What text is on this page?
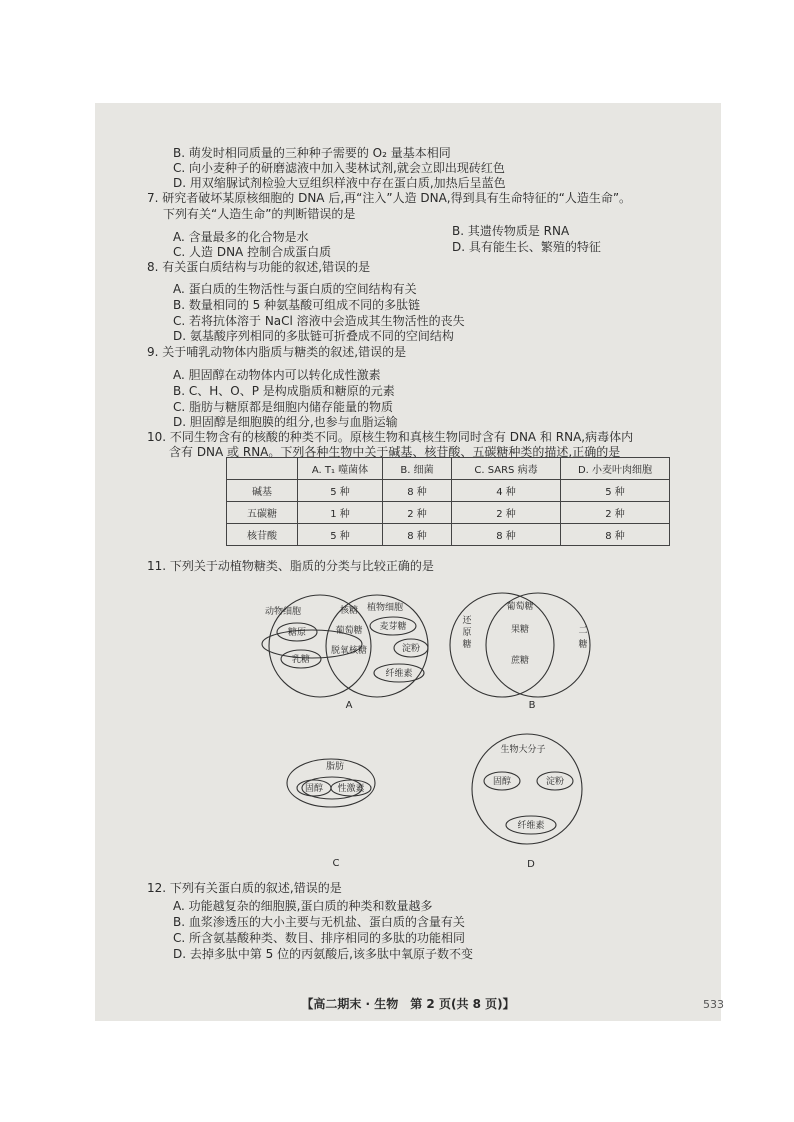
B. 萌发时相同质量的三种种子需要的 O₂ 量基本相同
C. 向小麦种子的研磨滤液中加入斐林试剂,就会立即出现砖红色
D. 用双缩脲试剂检验大豆组织样液中存在蛋白质,加热后呈蓝色
7. 研究者破坏某原核细胞的 DNA 后,再“注入”人造 DNA,得到具有生命特征的“人造生命”。
下列有关“人造生命”的判断错误的是
A. 含量最多的化合物是水	B. 其遗传物质是 RNA
C. 人造 DNA 控制合成蛋白质	D. 具有能生长、繁殖的特征
8. 有关蛋白质结构与功能的叙述,错误的是
A. 蛋白质的生物活性与蛋白质的空间结构有关
B. 数量相同的 5 种氨基酸可组成不同的多肽链
C. 若将抗体溶于 NaCl 溶液中会造成其生物活性的丧失
D. 氨基酸序列相同的多肽链可折叠成不同的空间结构
9. 关于哺乳动物体内脂质与糖类的叙述,错误的是
A. 胆固醇在动物体内可以转化成性激素
B. C、H、O、P 是构成脂质和糖原的元素
C. 脂肪与糖原都是细胞内储存能量的物质
D. 胆固醇是细胞膜的组分,也参与血脂运输
10. 不同生物含有的核酸的种类不同。原核生物和真核生物同时含有 DNA 和 RNA,病毒体内
含有 DNA 或 RNA。下列各种生物中关于碱基、核苷酸、五碳糖种类的描述,正确的是
	A. T₁ 噬菌体	B. 细菌	C. SARS 病毒	D. 小麦叶肉细胞
碱基	5 种	8 种	4 种	5 种
五碳糖	1 种	2 种	2 种	2 种
核苷酸	5 种	8 种	8 种	8 种
11. 下列关于动植物糖类、脂质的分类与比较正确的是
动物细胞	核糖 植物细胞
葡萄糖
脱氧核糖
糖原
乳糖
麦芽糖
淀粉
纤维素
A
葡萄糖
果糖
蔗糖
B
脂肪
固醇 性激素
C
生物大分子
固醇	淀粉
纤维素
D
还原糖
二糖
12. 下列有关蛋白质的叙述,错误的是
A. 功能越复杂的细胞膜,蛋白质的种类和数量越多
B. 血浆渗透压的大小主要与无机盐、蛋白质的含量有关
C. 所含氨基酸种类、数目、排序相同的多肽的功能相同
D. 去掉多肽中第 5 位的丙氨酸后,该多肽中氧原子数不变
【高二期末 · 生物　第 2 页(共 8 页)】	533
